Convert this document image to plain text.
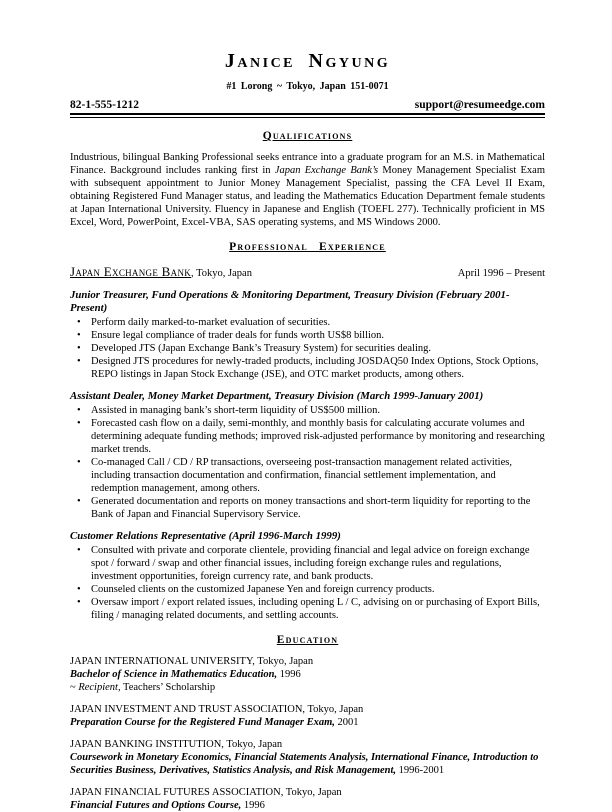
Janice Ngyung
#1 Lorong ~ Tokyo, Japan 151-0071
82-1-555-1212	support@resumeedge.com
Qualifications

Industrious, bilingual Banking Professional seeks entrance into a graduate program for an M.S. in Mathematical Finance. Background includes ranking first in Japan Exchange Bank’s Money Management Specialist Exam with subsequent appointment to Junior Money Management Specialist, passing the CFA Level II Exam, obtaining Registered Fund Manager status, and leading the Mathematics Education Department female students at Japan International University. Fluency in Japanese and English (TOEFL 277). Technically proficient in MS Excel, Word, PowerPoint, Excel-VBA, SAS operating systems, and MS Windows 2000.

Professional Experience
Japan Exchange Bank, Tokyo, Japan	April 1996 – Present
Junior Treasurer, Fund Operations & Monitoring Department, Treasury Division (February 2001-Present)
• Perform daily marked-to-market evaluation of securities.
• Ensure legal compliance of trader deals for funds worth US$8 billion.
• Developed JTS (Japan Exchange Bank’s Treasury System) for securities dealing.
• Designed JTS procedures for newly-traded products, including JOSDAQ50 Index Options, Stock Options, REPO listings in Japan Stock Exchange (JSE), and OTC market products, among others.
Assistant Dealer, Money Market Department, Treasury Division (March 1999-January 2001)
• Assisted in managing bank’s short-term liquidity of US$500 million.
• Forecasted cash flow on a daily, semi-monthly, and monthly basis for calculating accurate volumes and determining adequate funding methods; improved risk-adjusted performance by monitoring and researching market trends.
• Co-managed Call / CD / RP transactions, overseeing post-transaction management related activities, including transaction documentation and confirmation, financial settlement implementation, and redemption management, among others.
• Generated documentation and reports on money transactions and short-term liquidity for reporting to the Bank of Japan and Financial Supervisory Service.
Customer Relations Representative (April 1996-March 1999)
• Consulted with private and corporate clientele, providing financial and legal advice on foreign exchange spot / forward / swap and other financial issues, including foreign exchange rules and regulations, investment opportunities, foreign currency rate, and bank products.
• Counseled clients on the customized Japanese Yen and foreign currency products.
• Oversaw import / export related issues, including opening L / C, advising on or purchasing of Export Bills, filing / managing related documents, and settling accounts.
Education
JAPAN INTERNATIONAL UNIVERSITY, Tokyo, Japan
Bachelor of Science in Mathematics Education, 1996
~ Recipient, Teachers’ Scholarship
JAPAN INVESTMENT AND TRUST ASSOCIATION, Tokyo, Japan
Preparation Course for the Registered Fund Manager Exam, 2001
JAPAN BANKING INSTITUTION, Tokyo, Japan
Coursework in Monetary Economics, Financial Statements Analysis, International Finance, Introduction to Securities Business, Derivatives, Statistics Analysis, and Risk Management, 1996-2001
JAPAN FINANCIAL FUTURES ASSOCIATION, Tokyo, Japan
Financial Futures and Options Course, 1996
